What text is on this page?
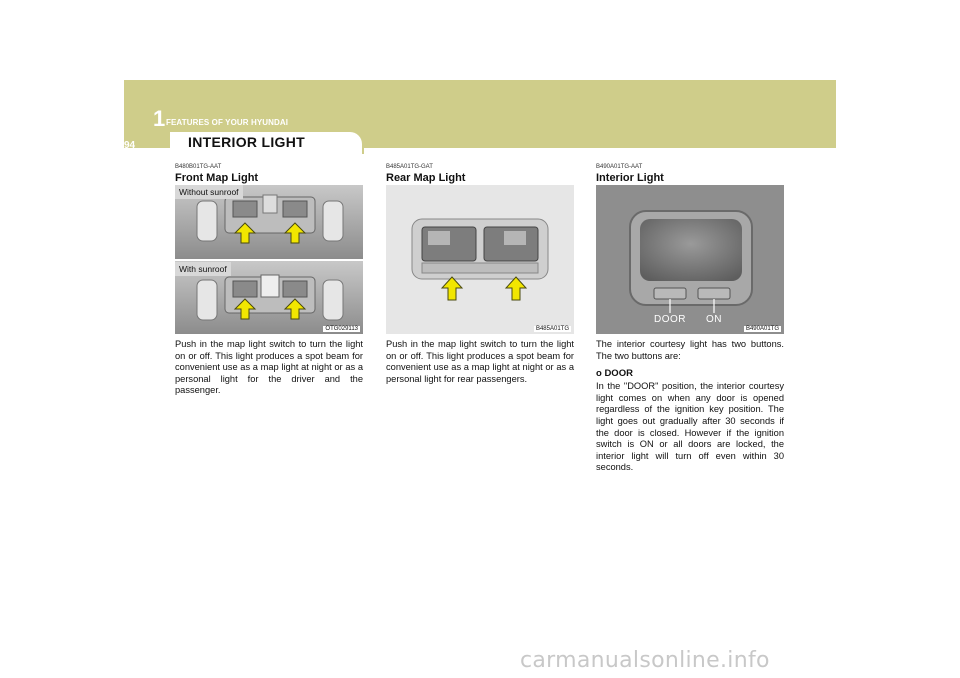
1 FEATURES OF YOUR HYUNDAI
94	INTERIOR LIGHT
B480B01TG-AAT
Front Map Light
Without sunroof
With sunroof
OTG029113
Push in the map light switch to turn the light on or off. This light produces a spot beam for convenient use as a map light at night or as a personal light for the driver and the passenger.
B485A01TG-GAT
Rear Map Light
B485A01TG
Push in the map light switch to turn the light on or off. This light produces a spot beam for convenient use as a map light at night or as a personal light for rear passengers.
B490A01TG-AAT
Interior Light
DOOR ON
B490A01TG
The interior courtesy light has two buttons. The two buttons are:
o DOOR
In the "DOOR" position, the interior courtesy light comes on when any door is opened regardless of the ignition key position. The light goes out gradually after 30 seconds if the door is closed. However if the ignition switch is ON or all doors are locked, the interior light will turn off even within 30 seconds.
carmanualsonline.info
